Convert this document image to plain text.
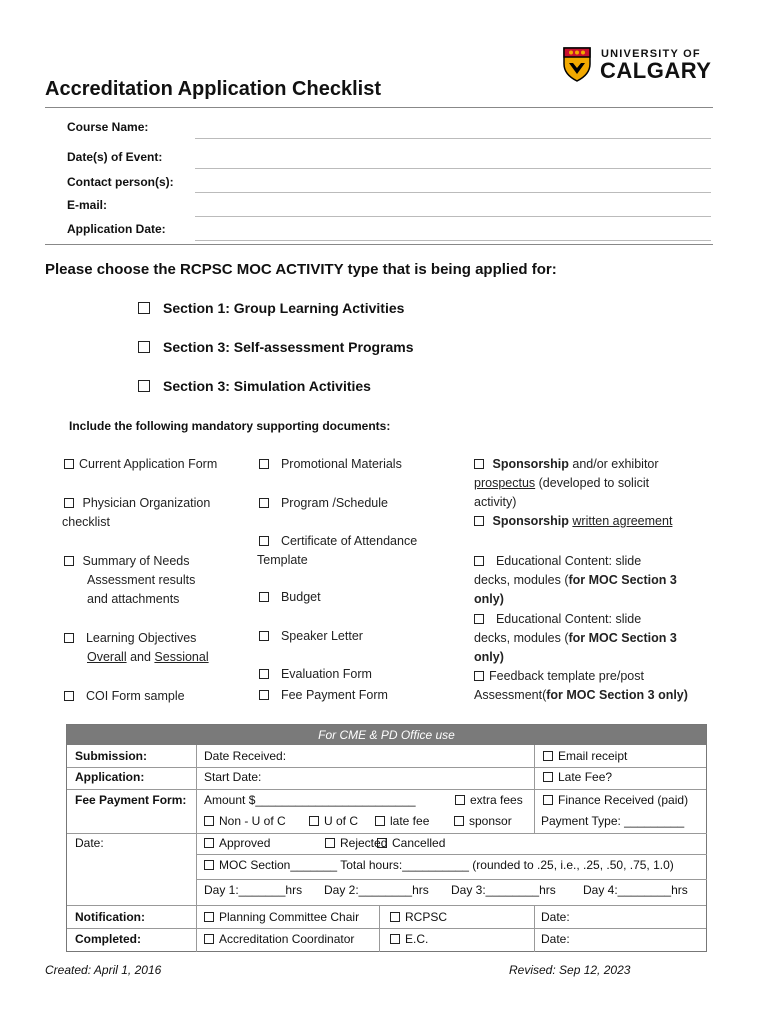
UNIVERSITY OF
CALGARY
Accreditation Application Checklist
Course Name:
Date(s) of Event:
Contact person(s):
E-mail:
Application Date:
Please choose the RCPSC MOC ACTIVITY type that is being applied for:
Section 1: Group Learning Activities
Section 3: Self-assessment Programs
Section 3: Simulation Activities
Include the following mandatory supporting documents:
Current Application Form
Physician Organization
checklist
Summary of Needs
Assessment results
and attachments
Learning Objectives
Overall and Sessional
COI Form sample
Promotional Materials
Program /Schedule
Certificate of Attendance
Template
Budget
Speaker Letter
Evaluation Form
Fee Payment Form
Sponsorship and/or exhibitor
prospectus (developed to solicit
activity)
Sponsorship written agreement
Educational Content: slide
decks, modules (for MOC Section 3
only)
Educational Content: slide
decks, modules (for MOC Section 3
only)
Feedback template pre/post
Assessment(for MOC Section 3 only)
For CME & PD Office use
Submission:	Date Received:	Email receipt
Application:	Start Date:	Late Fee?
Fee Payment Form: Amount $________________________	extra fees	Finance Received (paid)
Non - U of C	U of C	late fee	sponsor Payment Type: _________
Date:	Approved	Rejected Cancelled
MOC Section_______ Total hours:__________ (rounded to .25, i.e., .25, .50, .75, 1.0)
Day 1:_______hrs Day 2:________hrs Day 3:________hrs Day 4:________hrs
Notification:	Planning Committee Chair	RCPSC	Date:
Completed:	Accreditation Coordinator	E.C.	Date:
Created: April 1, 2016	Revised: Sep 12, 2023
